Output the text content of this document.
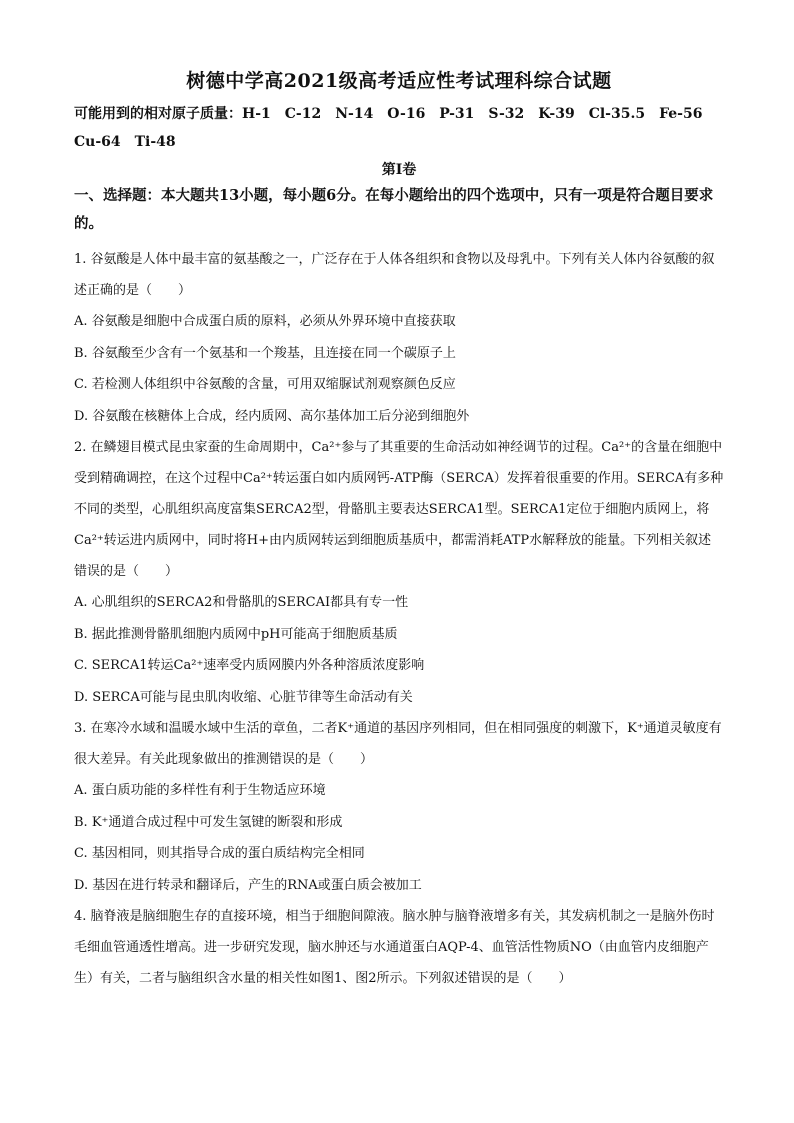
树德中学高2021级高考适应性考试理科综合试题

可能用到的相对原子质量：H-1　C-12　N-14　O-16　P-31　S-32　K-39　Cl-35.5　Fe-56 Cu-64　Ti-48

第Ⅰ卷

一、选择题：本大题共13小题，每小题6分。在每小题给出的四个选项中，只有一项是符合题目要求的。

1. 谷氨酸是人体中最丰富的氨基酸之一，广泛存在于人体各组织和食物以及母乳中。下列有关人体内谷氨酸的叙述正确的是（　　）

A. 谷氨酸是细胞中合成蛋白质的原料，必须从外界环境中直接获取

B. 谷氨酸至少含有一个氨基和一个羧基，且连接在同一个碳原子上

C. 若检测人体组织中谷氨酸的含量，可用双缩脲试剂观察颜色反应

D. 谷氨酸在核糖体上合成，经内质网、高尔基体加工后分泌到细胞外

2. 在鳞翅目模式昆虫家蚕的生命周期中，Ca²⁺参与了其重要的生命活动如神经调节的过程。Ca²⁺的含量在细胞中受到精确调控，在这个过程中Ca²⁺转运蛋白如内质网钙-ATP酶（SERCA）发挥着很重要的作用。SERCA有多种不同的类型，心肌组织高度富集SERCA2型，骨骼肌主要表达SERCA1型。SERCA1定位于细胞内质网上，将Ca²⁺转运进内质网中，同时将H+由内质网转运到细胞质基质中，都需消耗ATP水解释放的能量。下列相关叙述错误的是（　　）

A. 心肌组织的SERCA2和骨骼肌的SERCAI都具有专一性

B. 据此推测骨骼肌细胞内质网中pH可能高于细胞质基质

C. SERCA1转运Ca²⁺速率受内质网膜内外各种溶质浓度影响

D. SERCA可能与昆虫肌肉收缩、心脏节律等生命活动有关

3. 在寒冷水域和温暖水域中生活的章鱼，二者K⁺通道的基因序列相同，但在相同强度的刺激下，K⁺通道灵敏度有很大差异。有关此现象做出的推测错误的是（　　）

A. 蛋白质功能的多样性有利于生物适应环境

B. K⁺通道合成过程中可发生氢键的断裂和形成

C. 基因相同，则其指导合成的蛋白质结构完全相同

D. 基因在进行转录和翻译后，产生的RNA或蛋白质会被加工

4. 脑脊液是脑细胞生存的直接环境，相当于细胞间隙液。脑水肿与脑脊液增多有关，其发病机制之一是脑外伤时毛细血管通透性增高。进一步研究发现，脑水肿还与水通道蛋白AQP-4、血管活性物质NO（由血管内皮细胞产生）有关，二者与脑组织含水量的相关性如图1、图2所示。下列叙述错误的是（　　）
